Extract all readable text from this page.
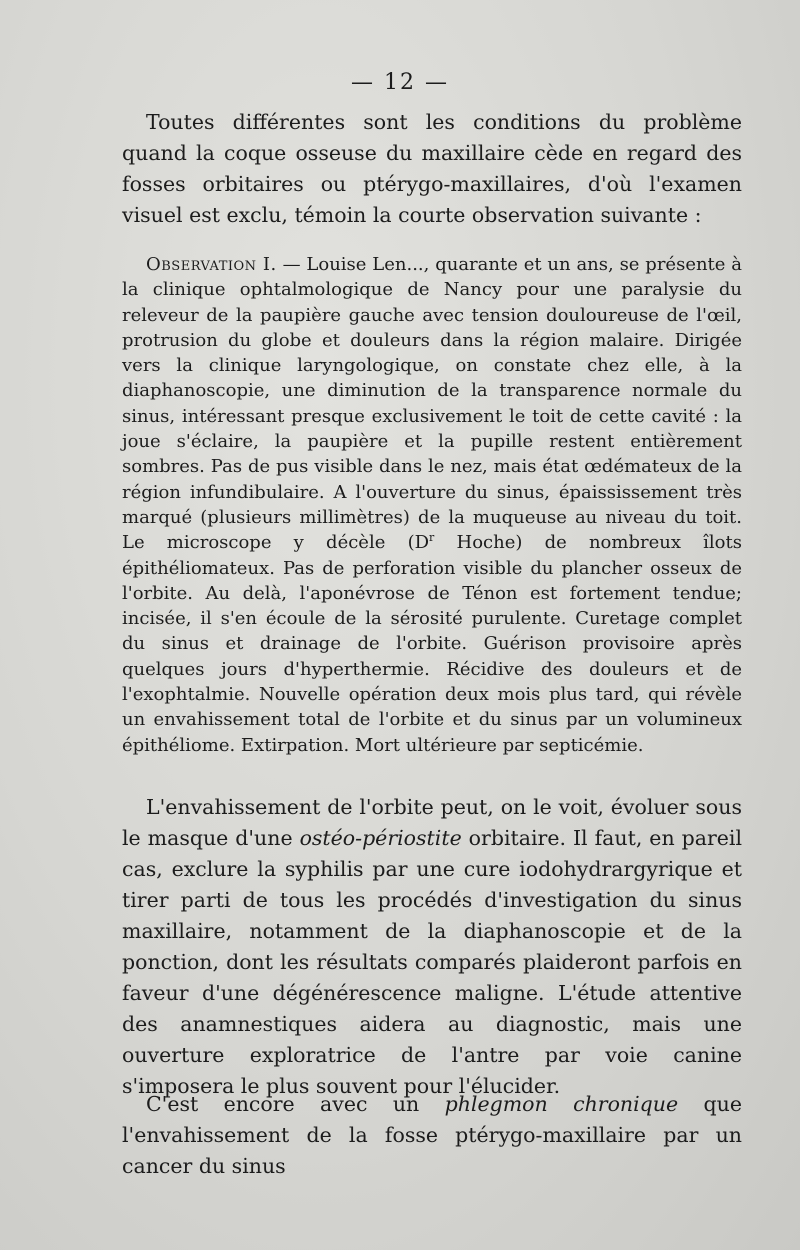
— 12 —

Toutes différentes sont les conditions du problème quand la coque osseuse du maxillaire cède en regard des fosses orbitaires ou ptérygo-maxillaires, d'où l'examen visuel est exclu, témoin la courte observation suivante :

Observation I. — Louise Len..., quarante et un ans, se présente à la clinique ophtalmologique de Nancy pour une paralysie du releveur de la paupière gauche avec tension douloureuse de l'œil, protrusion du globe et douleurs dans la région malaire. Dirigée vers la clinique laryngologique, on constate chez elle, à la diaphanoscopie, une diminution de la transparence normale du sinus, intéressant presque exclusivement le toit de cette cavité : la joue s'éclaire, la paupière et la pupille restent entièrement sombres. Pas de pus visible dans le nez, mais état œdémateux de la région infundibulaire. A l'ouverture du sinus, épaississement très marqué (plusieurs millimètres) de la muqueuse au niveau du toit. Le microscope y décèle ($D^r$ Hoche) de nombreux îlots épithéliomateux. Pas de perforation visible du plancher osseux de l'orbite. Au delà, l'aponévrose de Ténon est fortement tendue; incisée, il s'en écoule de la sérosité purulente. Curetage complet du sinus et drainage de l'orbite. Guérison provisoire après quelques jours d'hyperthermie. Récidive des douleurs et de l'exophtalmie. Nouvelle opération deux mois plus tard, qui révèle un envahissement total de l'orbite et du sinus par un volumineux épithéliome. Extirpation. Mort ultérieure par septicémie.

L'envahissement de l'orbite peut, on le voit, évoluer sous le masque d'une ostéo-périostite orbitaire. Il faut, en pareil cas, exclure la syphilis par une cure iodohydrargyrique et tirer parti de tous les procédés d'investigation du sinus maxillaire, notamment de la diaphanoscopie et de la ponction, dont les résultats comparés plaideront parfois en faveur d'une dégénérescence maligne. L'étude attentive des anamnestiques aidera au diagnostic, mais une ouverture exploratrice de l'antre par voie canine s'imposera le plus souvent pour l'élucider.

C'est encore avec un phlegmon chronique que l'envahissement de la fosse ptérygo-maxillaire par un cancer du sinus
